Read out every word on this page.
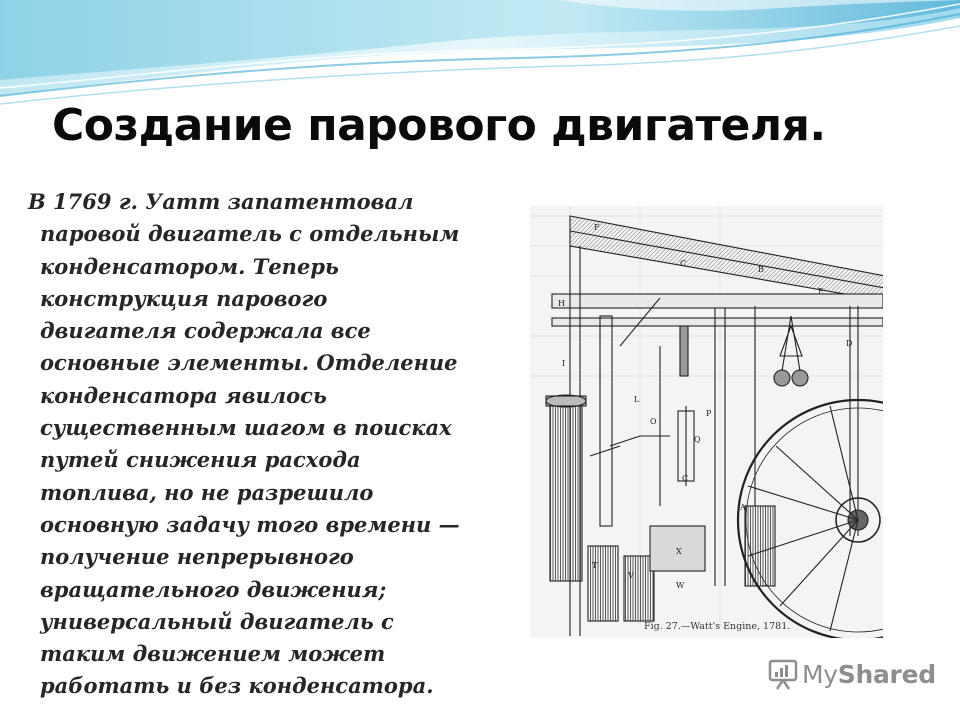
Создание парового двигателя.
В 1769 г. Уатт запатентовал
паровой двигатель с отдельным
конденсатором. Теперь
конструкция парового
двигателя содержала все
основные элементы. Отделение
конденсатора явилось
существенным шагом в поисках
путей снижения расхода
топлива, но не разрешило
основную задачу того времени —
получение непрерывного
вращательного движения;
универсальный двигатель с
таким движением может
работать и без конденсатора.
F
B
C
E
H
I
L
O
P
Q
D
A
X
W
T
V
C
Fig. 27.—Watt's Engine, 1781.
MyShared
